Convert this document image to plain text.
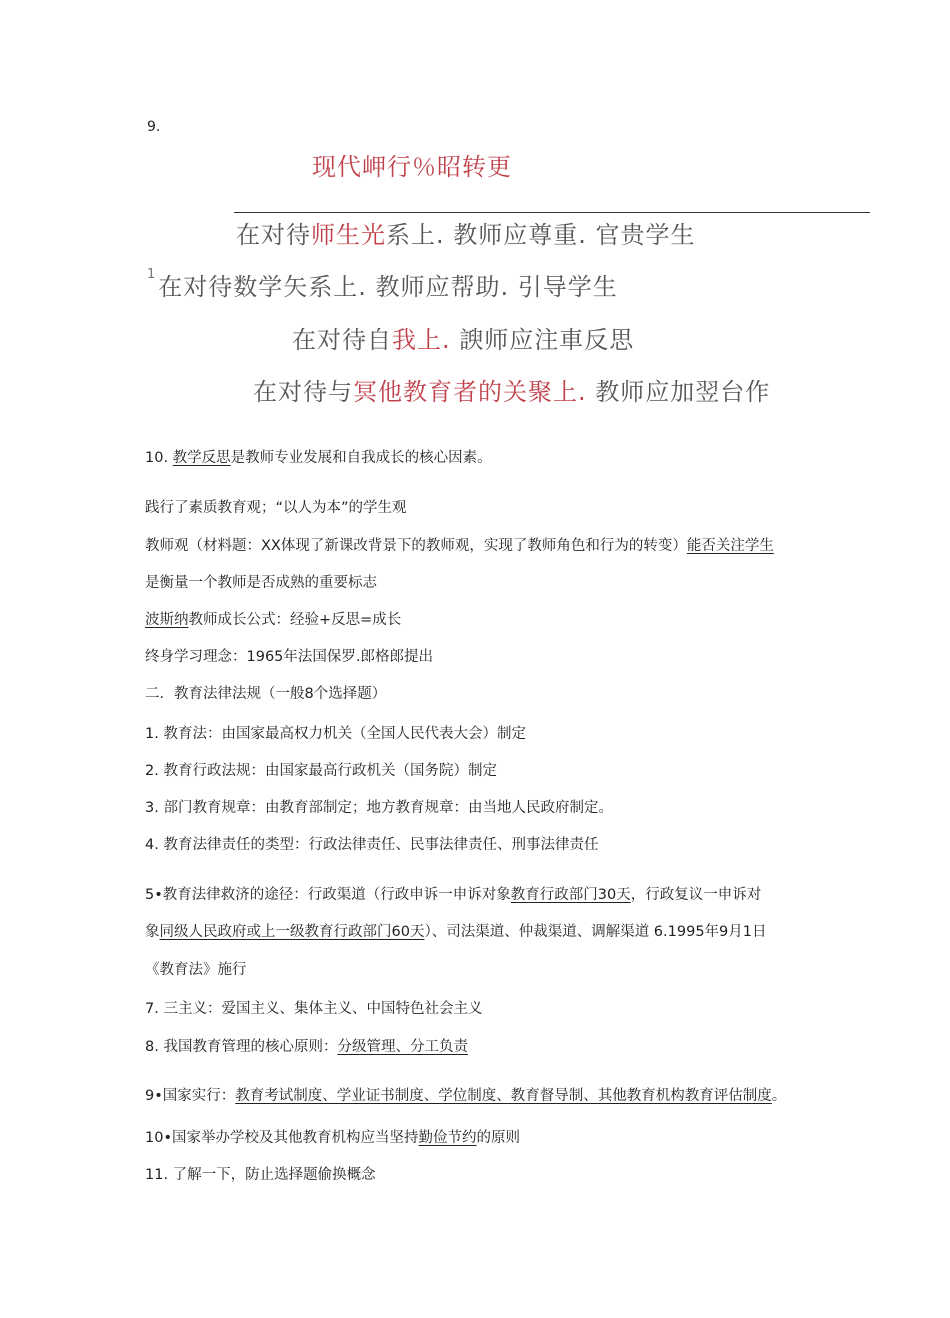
9.
现代岬行％昭转更
在对待师生光系上. 教师应尊重. 官贵学生
$^1$在对待数学矢系上. 教师应帮助. 引导学生
在对待自我上. 諛师应注車反思
在对待与冥他教育者的关聚上. 教师应加翌台作
10. 教学反思是教师专业发展和自我成长的核心因素。
践行了素质教育观；“以人为本”的学生观
教师观（材料题：XX体现了新课改背景下的教师观，实现了教师角色和行为的转变）能否关注学生
是衡量一个教师是否成熟的重要标志
波斯纳教师成长公式：经验+反思=成长
终身学习理念：1965年法国保罗.郎格郎提出
二．教育法律法规（一般8个选择题）
1. 教育法：由国家最高权力机关（全国人民代表大会）制定
2. 教育行政法规：由国家最高行政机关（国务院）制定
3. 部门教育规章：由教育部制定；地方教育规章：由当地人民政府制定。
4. 教育法律责任的类型：行政法律责任、民事法律责任、刑事法律责任
5•教育法律救济的途径：行政渠道（行政申诉一申诉对象教育行政部门30天，行政复议一申诉对
象同级人民政府或上一级教育行政部门60天）、司法渠道、仲裁渠道、调解渠道 6.1995年9月1日
《教育法》施行
7. 三主义：爱国主义、集体主义、中国特色社会主义
8. 我国教育管理的核心原则：分级管理、分工负责
9•国家实行：教育考试制度、学业证书制度、学位制度、教育督导制、其他教育机构教育评估制度。
10•国家举办学校及其他教育机构应当坚持勤俭节约的原则
11. 了解一下，防止选择题偷换概念
